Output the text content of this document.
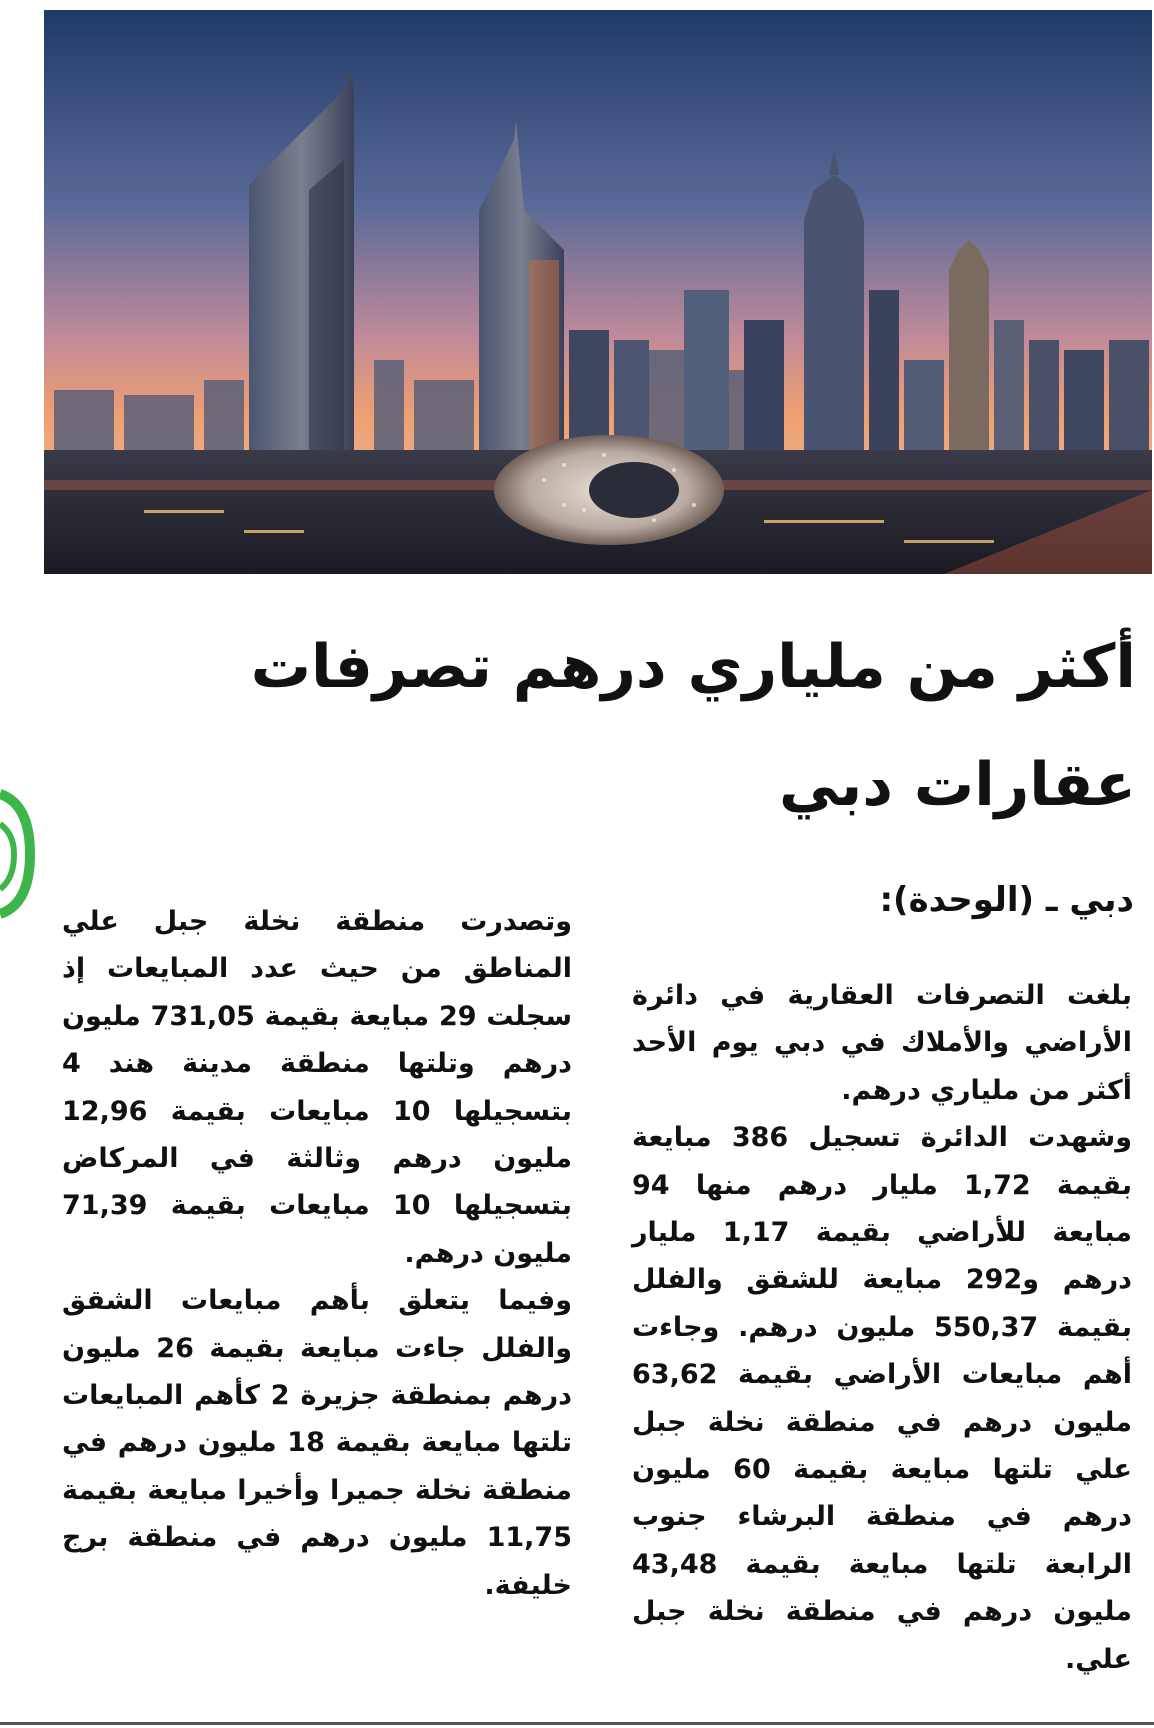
أكثر من ملياري درهم تصرفات عقارات دبي
دبي ـ (الوحدة):

بلغت التصرفات العقارية في دائرة الأراضي والأملاك في دبي يوم الأحد أكثر من ملياري درهم.

وشهدت الدائرة تسجيل 386 مبايعة بقيمة 1,72 مليار درهم منها 94 مبايعة للأراضي بقيمة 1,17 مليار درهم و292 مبايعة للشقق والفلل بقيمة 550,37 مليون درهم. وجاءت أهم مبايعات الأراضي بقيمة 63,62 مليون درهم في منطقة نخلة جبل علي تلتها مبايعة بقيمة 60 مليون درهم في منطقة البرشاء جنوب الرابعة تلتها مبايعة بقيمة 43,48 مليون درهم في منطقة نخلة جبل علي.

وتصدرت منطقة نخلة جبل علي المناطق من حيث عدد المبايعات إذ سجلت 29 مبايعة بقيمة 731,05 مليون درهم وتلتها منطقة مدينة هند 4 بتسجيلها 10 مبايعات بقيمة 12,96 مليون درهم وثالثة في المركاض بتسجيلها 10 مبايعات بقيمة 71,39 مليون درهم.

وفيما يتعلق بأهم مبايعات الشقق والفلل جاءت مبايعة بقيمة 26 مليون درهم بمنطقة جزيرة 2 كأهم المبايعات تلتها مبايعة بقيمة 18 مليون درهم في منطقة نخلة جميرا وأخيرا مبايعة بقيمة 11,75 مليون درهم في منطقة برج خليفة.
